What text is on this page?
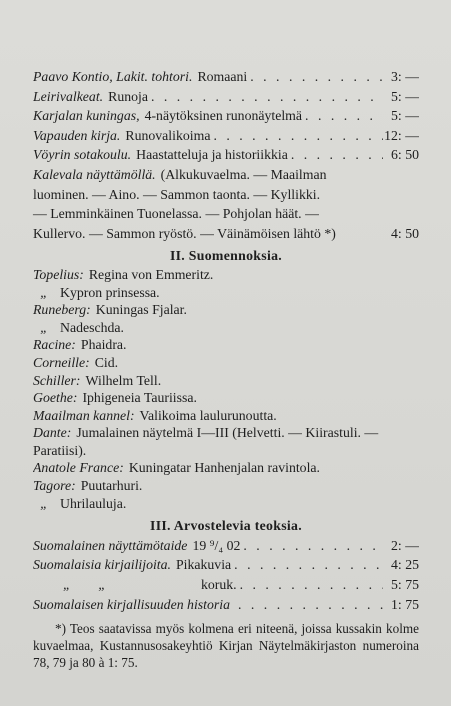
Paavo Kontio, Lakit. tohtori. Romaani . . .	3: —
Leirivalkeat. Runoja . . .	5: —
Karjalan kuningas, 4-näytöksinen runonäytelmä . . .	5: —
Vapauden kirja. Runovalikoima . . .	12: —
Vöyrin sotakoulu. Haastatteluja ja historiikkia . . .	6: 50
Kalevala näyttämöllä. (Alkukuvaelma. — Maailman
luominen. — Aino. — Sammon taonta. — Kyllikki.
— Lemminkäinen Tuonelassa. — Pohjolan häät. —
Kullervo. — Sammon ryöstö. — Väinämöisen lähtö *)	4: 50
II. Suomennoksia.
Topelius: Regina von Emmeritz.
„ Kypron prinsessa.
Runeberg: Kuningas Fjalar.
„ Nadeschda.
Racine: Phaidra.
Corneille: Cid.
Schiller: Wilhelm Tell.
Goethe: Iphigeneia Tauriissa.
Maailman kannel: Valikoima laulurunoutta.
Dante: Jumalainen näytelmä I—III (Helvetti. — Kiirastuli. —
Paratiisi).
Anatole France: Kuningatar Hanhenjalan ravintola.
Tagore: Puutarhuri.
„ Uhrilauluja.
III. Arvostelevia teoksia.
Suomalainen näyttämötaide 19 ⁹/₄ 02 . . .	2: —
Suomalaisia kirjailijoita. Pikakuvia . . .	4: 25
„        „	koruk. . . .	5: 75
Suomalaisen kirjallisuuden historia . . .	1: 75
*) Teos saatavissa myös kolmena eri niteenä, joissa kussakin kolme kuvaelmaa, Kustannusosakeyhtiö Kirjan Näytelmäkirjaston numeroina 78, 79 ja 80 à 1: 75.
